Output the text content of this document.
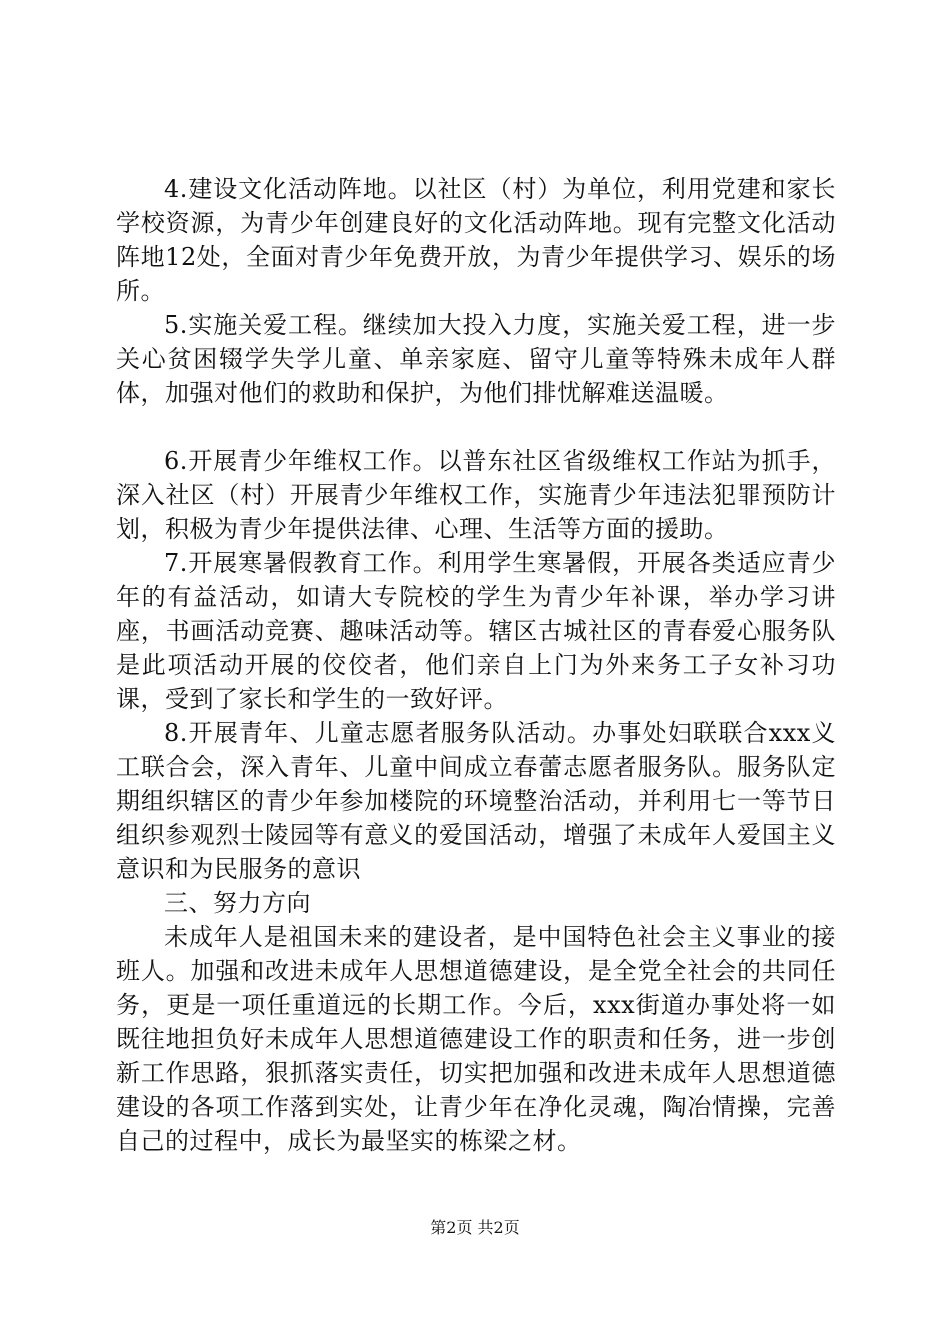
4.建设文化活动阵地。以社区（村）为单位，利用党建和家长学校资源，为青少年创建良好的文化活动阵地。现有完整文化活动阵地12处，全面对青少年免费开放，为青少年提供学习、娱乐的场所。

5.实施关爱工程。继续加大投入力度，实施关爱工程，进一步关心贫困辍学失学儿童、单亲家庭、留守儿童等特殊未成年人群体，加强对他们的救助和保护，为他们排忧解难送温暖。

6.开展青少年维权工作。以普东社区省级维权工作站为抓手，深入社区（村）开展青少年维权工作，实施青少年违法犯罪预防计划，积极为青少年提供法律、心理、生活等方面的援助。

7.开展寒暑假教育工作。利用学生寒暑假，开展各类适应青少年的有益活动，如请大专院校的学生为青少年补课，举办学习讲座，书画活动竞赛、趣味活动等。辖区古城社区的青春爱心服务队是此项活动开展的佼佼者，他们亲自上门为外来务工子女补习功课，受到了家长和学生的一致好评。

8.开展青年、儿童志愿者服务队活动。办事处妇联联合xxx义工联合会，深入青年、儿童中间成立春蕾志愿者服务队。服务队定期组织辖区的青少年参加楼院的环境整治活动，并利用七一等节日组织参观烈士陵园等有意义的爱国活动，增强了未成年人爱国主义意识和为民服务的意识

三、努力方向

未成年人是祖国未来的建设者，是中国特色社会主义事业的接班人。加强和改进未成年人思想道德建设，是全党全社会的共同任务，更是一项任重道远的长期工作。今后，xxx街道办事处将一如既往地担负好未成年人思想道德建设工作的职责和任务，进一步创新工作思路，狠抓落实责任，切实把加强和改进未成年人思想道德建设的各项工作落到实处，让青少年在净化灵魂，陶冶情操，完善自己的过程中，成长为最坚实的栋梁之材。

第2页 共2页
